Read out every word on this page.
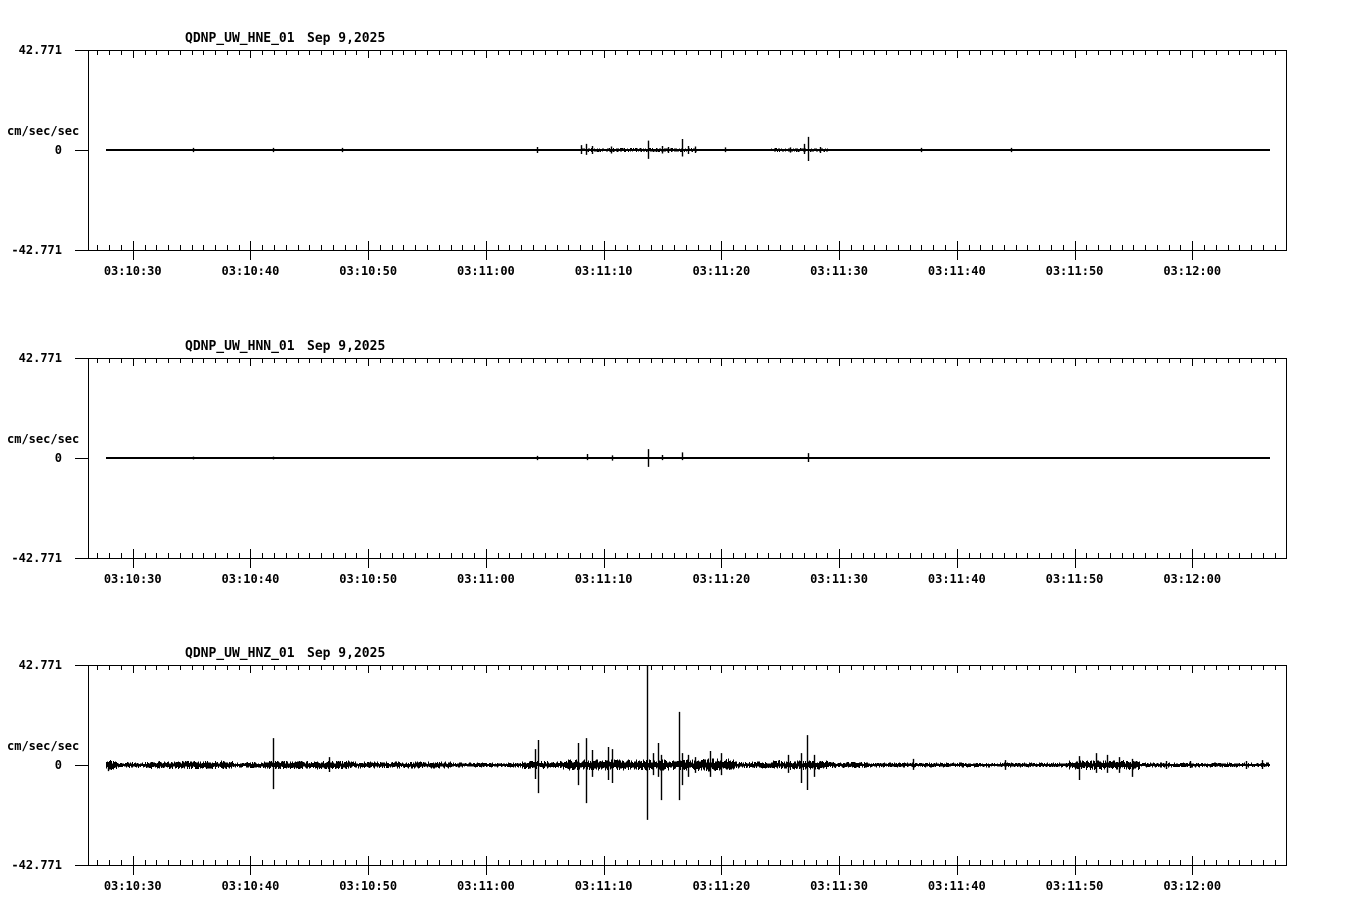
QDNP_UW_HNE_01 Sep 9,2025
42.771
cm/sec/sec
0
-42.771
QDNP_UW_HNN_01 Sep 9,2025
42.771
cm/sec/sec
0
-42.771
QDNP_UW_HNZ_01 Sep 9,2025
42.771
cm/sec/sec
0
-42.771
03:10:30	03:10:40	03:10:50	03:11:00	03:11:10	03:11:20	03:11:30	03:11:40	03:11:50	03:12:00
03:10:30	03:10:40	03:10:50	03:11:00	03:11:10	03:11:20	03:11:30	03:11:40	03:11:50	03:12:00
03:10:30	03:10:40	03:10:50	03:11:00	03:11:10	03:11:20	03:11:30	03:11:40	03:11:50	03:12:00
